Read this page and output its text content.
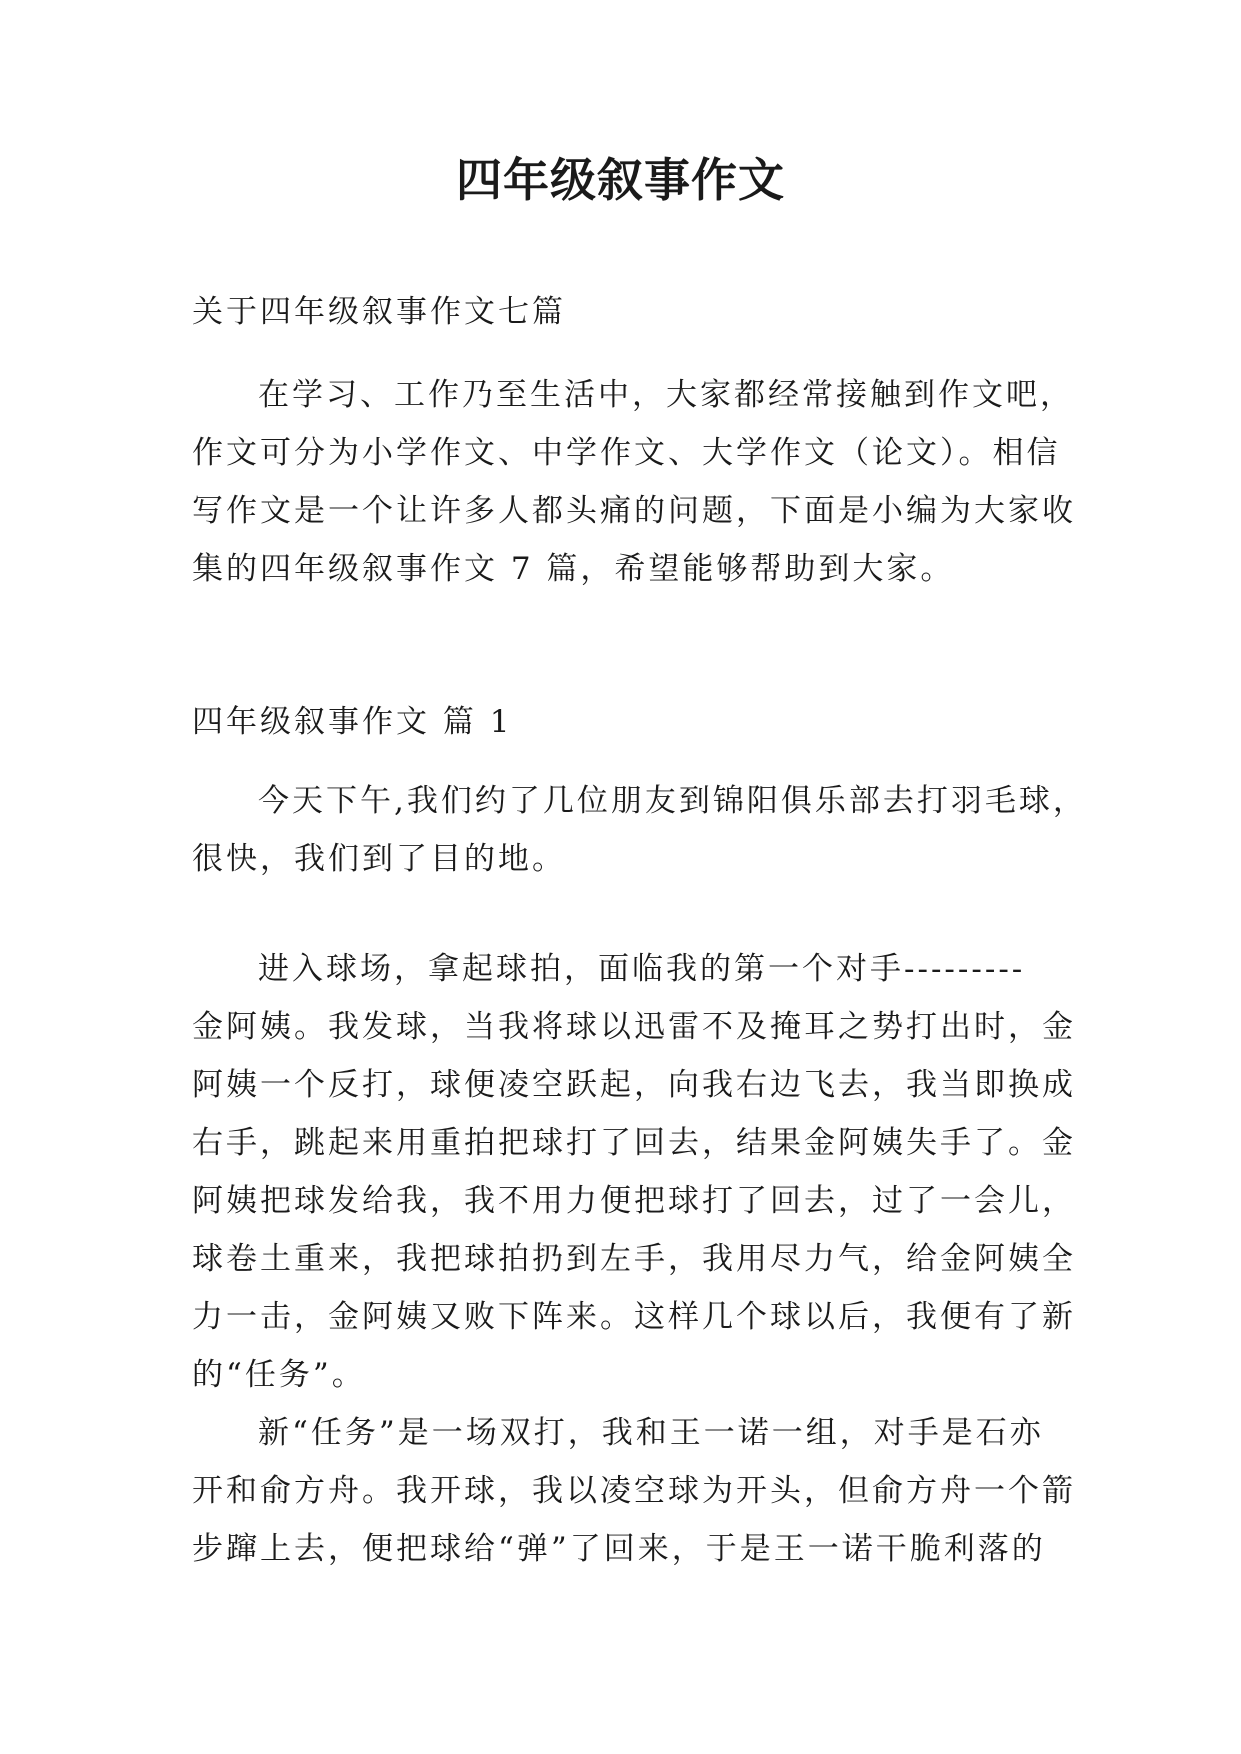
四年级叙事作文
关于四年级叙事作文七篇
在学习、工作乃至生活中，大家都经常接触到作文吧，
作文可分为小学作文、中学作文、大学作文（论文）。相信
写作文是一个让许多人都头痛的问题，下面是小编为大家收
集的四年级叙事作文 7 篇，希望能够帮助到大家。
四年级叙事作文 篇 1
今天下午,我们约了几位朋友到锦阳俱乐部去打羽毛球，
很快，我们到了目的地。
进入球场，拿起球拍，面临我的第一个对手---------
金阿姨。我发球，当我将球以迅雷不及掩耳之势打出时，金
阿姨一个反打，球便凌空跃起，向我右边飞去，我当即换成
右手，跳起来用重拍把球打了回去，结果金阿姨失手了。金
阿姨把球发给我，我不用力便把球打了回去，过了一会儿，
球卷土重来，我把球拍扔到左手，我用尽力气，给金阿姨全
力一击，金阿姨又败下阵来。这样几个球以后，我便有了新
的“任务”。
新“任务”是一场双打，我和王一诺一组，对手是石亦
开和俞方舟。我开球，我以凌空球为开头，但俞方舟一个箭
步蹿上去，便把球给“弹”了回来，于是王一诺干脆利落的
